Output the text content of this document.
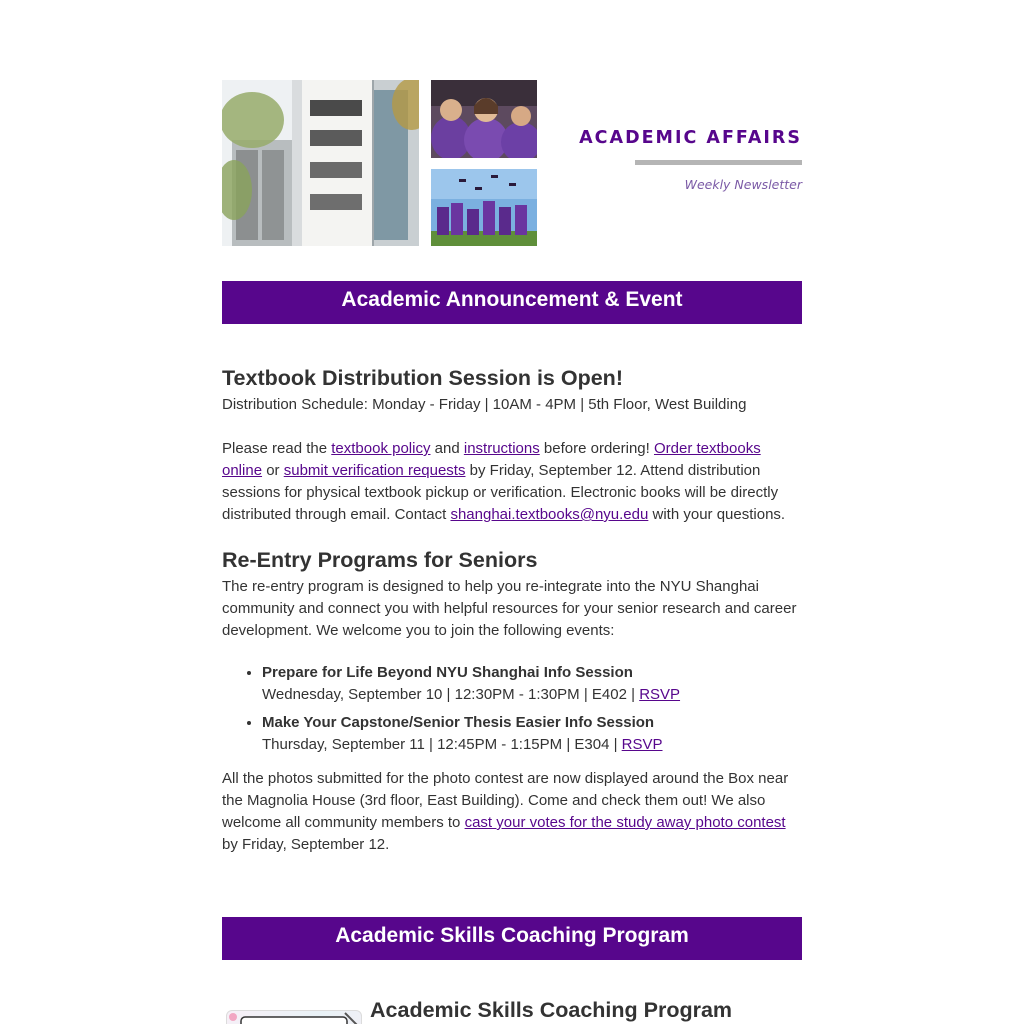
ACADEMIC AFFAIRS
Weekly Newsletter
Academic Announcement & Event
Textbook Distribution Session is Open!

Distribution Schedule: Monday - Friday | 10AM - 4PM | 5th Floor, West Building

Please read the textbook policy and instructions before ordering! Order textbooks online or submit verification requests by Friday, September 12. Attend distribution sessions for physical textbook pickup or verification. Electronic books will be directly distributed through email. Contact shanghai.textbooks@nyu.edu with your questions.

Re-Entry Programs for Seniors

The re-entry program is designed to help you re-integrate into the NYU Shanghai community and connect you with helpful resources for your senior research and career development. We welcome you to join the following events:

• Prepare for Life Beyond NYU Shanghai Info Session
Wednesday, September 10 | 12:30PM - 1:30PM | E402 | RSVP
• Make Your Capstone/Senior Thesis Easier Info Session
Thursday, September 11 | 12:45PM - 1:15PM | E304 | RSVP

All the photos submitted for the photo contest are now displayed around the Box near the Magnolia House (3rd floor, East Building). Come and check them out! We also welcome all community members to cast your votes for the study away photo contest by Friday, September 12.

Academic Skills Coaching Program
Academic Skills Coaching Program
